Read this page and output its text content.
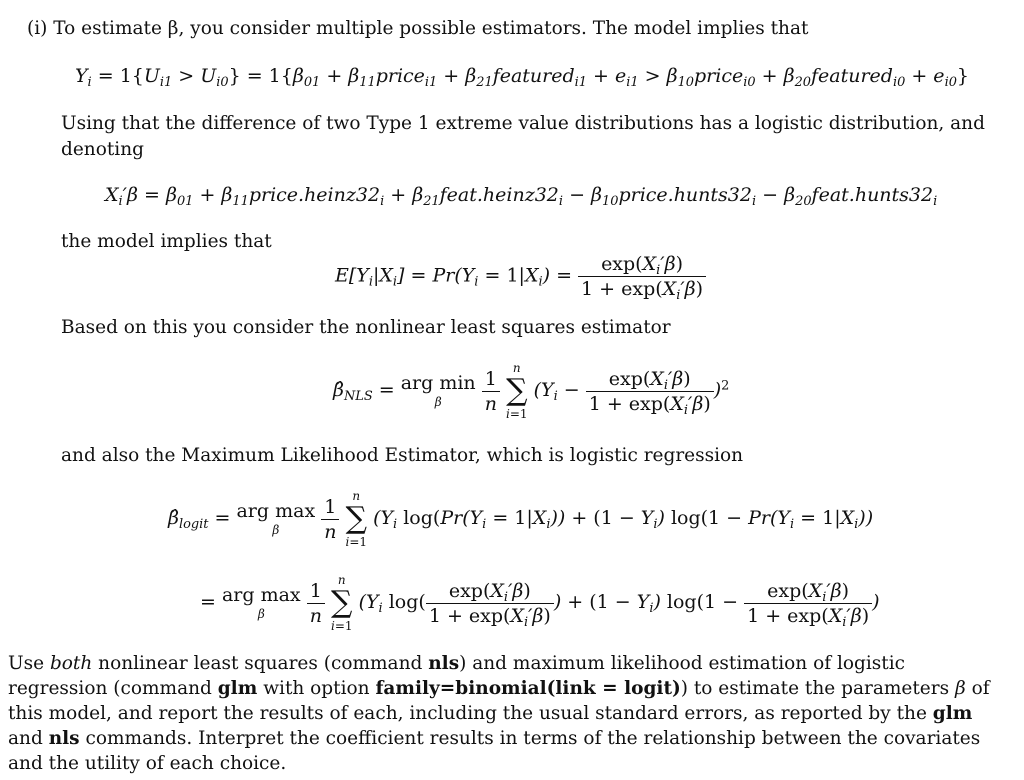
(i) To estimate β, you consider multiple possible estimators. The model implies that
$Y_i = 1\{U_{i1} > U_{i0}\} = 1\{\beta_{01}$ + $\beta_{11}price_{i1}$ + $\beta_{21}featured_{i1} + e_{i1}$ > $\beta_{10}price_{i0}$ + $\beta_{20}featured_{i0} + e_{i0}$}
Using that the difference of two Type 1 extreme value distributions has a logistic distribution, and denoting
$X_i'\beta = \beta_{01}$ + $\beta_{11}price.heinz32_i$ + $\beta_{21}feat.heinz32_i$ − $\beta_{10}price.hunts32_i$ − $\beta_{20}feat.hunts32_i$
the model implies that
$E[Y_i|X_i] = Pr(Y_i = 1|X_i) = \frac{\exp(X_i'\beta)}{1 + \exp(X_i'\beta)}$
Based on this you consider the nonlinear least squares estimator
$\betâ_{NLS}$ = arg min
β
	$\frac{1}{n}$
	n
∑
i=1
$(Y_i - \frac{\exp(X_i'\beta)}{1 + \exp(X_i'\beta)} )^2$
and also the Maximum Likelihood Estimator, which is logistic regression
$\betâ_{logit}$ = arg max
β
	$\frac{1}{n}$
	n
∑
i=1
($Y_i$ $\log(Pr(Y_i = 1|X_i)) + (1 - Y_i) \log(1 - Pr(Y_i = 1|X_i))$
= arg max
β
	$\frac{1}{n}$
	n
∑
i=1
($Y_i$ $\log( \frac{\exp(X_i'\beta)}{1 + \exp(X_i'\beta)}$ ) + $(1 - Y_i)$ $\log(1 - \frac{\exp(X_i'\beta)}{1 + \exp(X_i'\beta)}$ )
Use both nonlinear least squares (command nls) and maximum likelihood estimation of logistic regression (command glm with option family=binomial(link = logit)) to estimate the parameters β of this model, and report the results of each, including the usual standard errors, as reported by the glm and nls commands. Interpret the coefficient results in terms of the relationship between the covariates and the utility of each choice.
